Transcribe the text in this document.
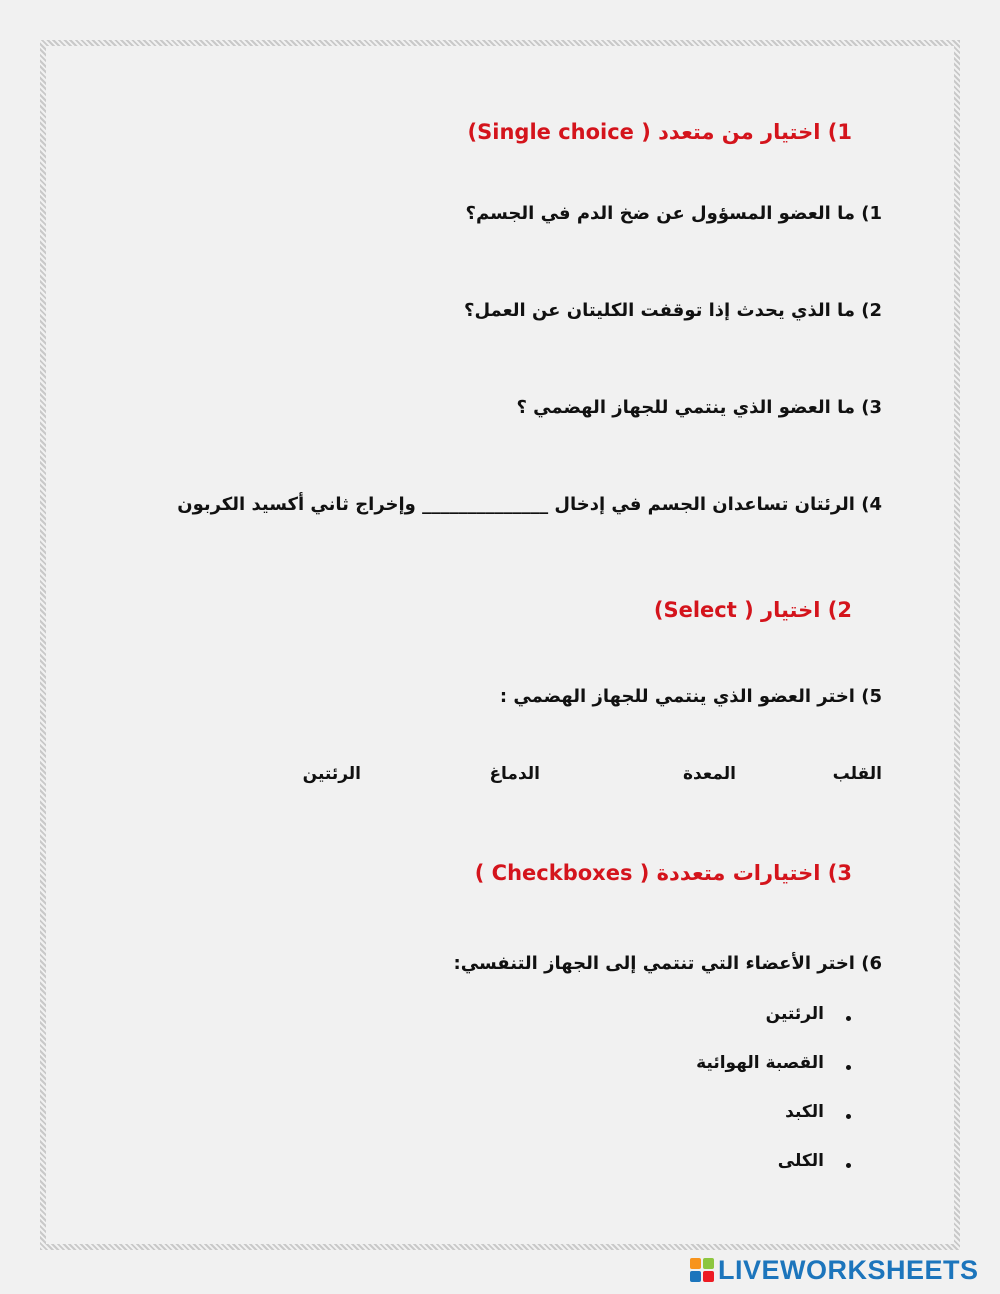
1) اختيار من متعدد ( Single choice)
1) ما العضو المسؤول عن ضخ الدم في الجسم؟
2) ما الذي يحدث إذا توقفت الكليتان عن العمل؟
3) ما العضو الذي ينتمي للجهاز الهضمي ؟
4) الرئتان تساعدان الجسم في إدخال ______________ وإخراج ثاني أكسيد الكربون
2) اختيار ( Select)
5) اختر العضو الذي ينتمي للجهاز الهضمي :
القلب
المعدة
الدماغ
الرئتين
3) اختيارات متعددة ( Checkboxes )
6) اختر الأعضاء التي تنتمي إلى الجهاز التنفسي:
الرئتين
القصبة الهوائية
الكبد
الكلى
LIVEWORKSHEETS
